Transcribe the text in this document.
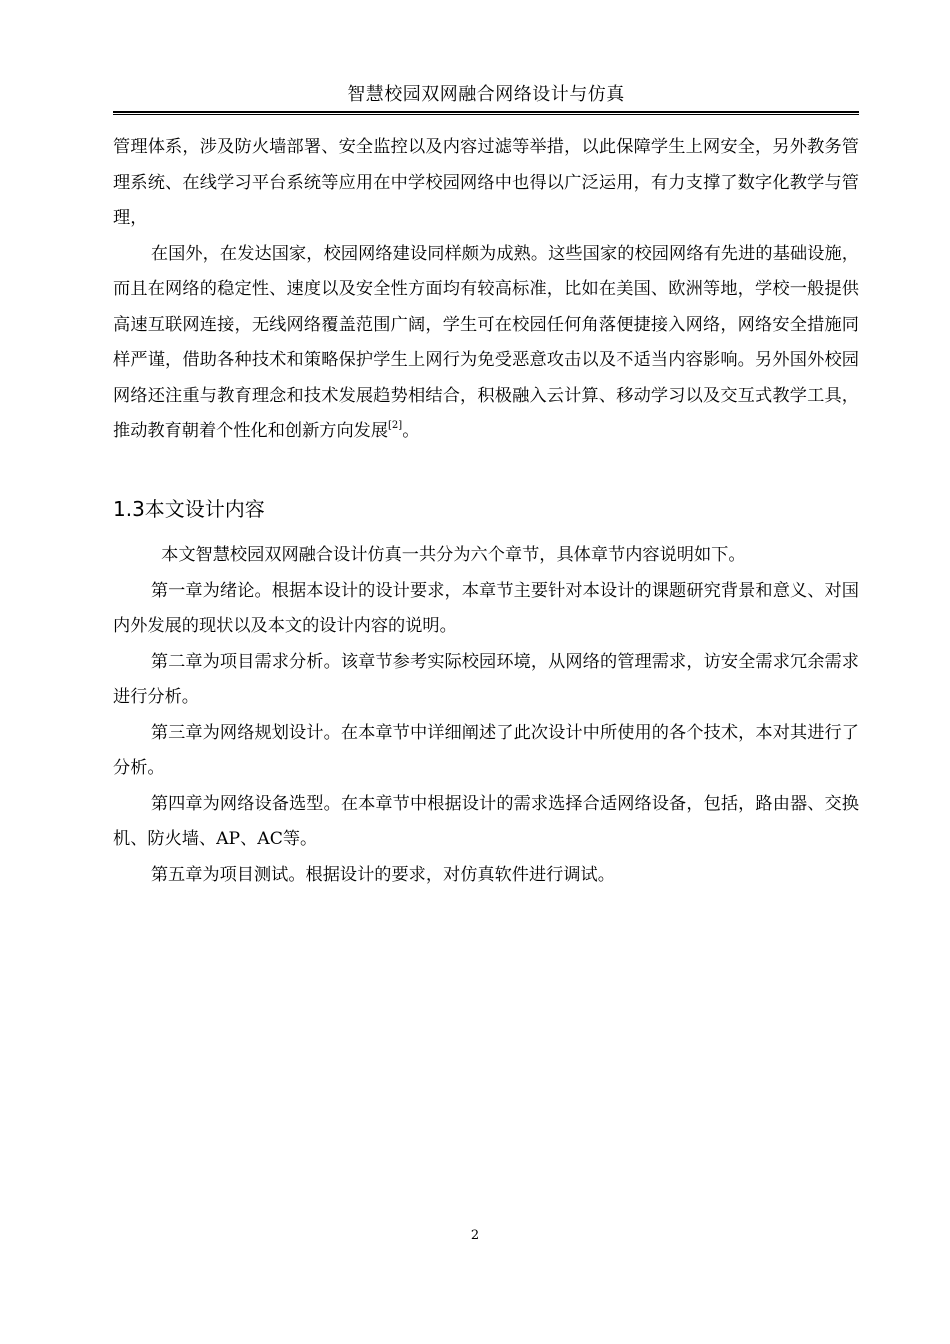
智慧校园双网融合网络设计与仿真

管理体系，涉及防火墙部署、安全监控以及内容过滤等举措，以此保障学生上网安全，另外教务管理系统、在线学习平台系统等应用在中学校园网络中也得以广泛运用，有力支撑了数字化教学与管理，

在国外，在发达国家，校园网络建设同样颇为成熟。这些国家的校园网络有先进的基础设施，而且在网络的稳定性、速度以及安全性方面均有较高标准，比如在美国、欧洲等地，学校一般提供高速互联网连接，无线网络覆盖范围广阔，学生可在校园任何角落便捷接入网络，网络安全措施同样严谨，借助各种技术和策略保护学生上网行为免受恶意攻击以及不适当内容影响。另外国外校园网络还注重与教育理念和技术发展趋势相结合，积极融入云计算、移动学习以及交互式教学工具，推动教育朝着个性化和创新方向发展[2]。

1.3本文设计内容

本文智慧校园双网融合设计仿真一共分为六个章节，具体章节内容说明如下。

第一章为绪论。根据本设计的设计要求，本章节主要针对本设计的课题研究背景和意义、对国内外发展的现状以及本文的设计内容的说明。

第二章为项目需求分析。该章节参考实际校园环境，从网络的管理需求，访安全需求冗余需求进行分析。

第三章为网络规划设计。在本章节中详细阐述了此次设计中所使用的各个技术，本对其进行了分析。

第四章为网络设备选型。在本章节中根据设计的需求选择合适网络设备，包括，路由器、交换机、防火墙、AP、AC等。

第五章为项目测试。根据设计的要求，对仿真软件进行调试。

2
